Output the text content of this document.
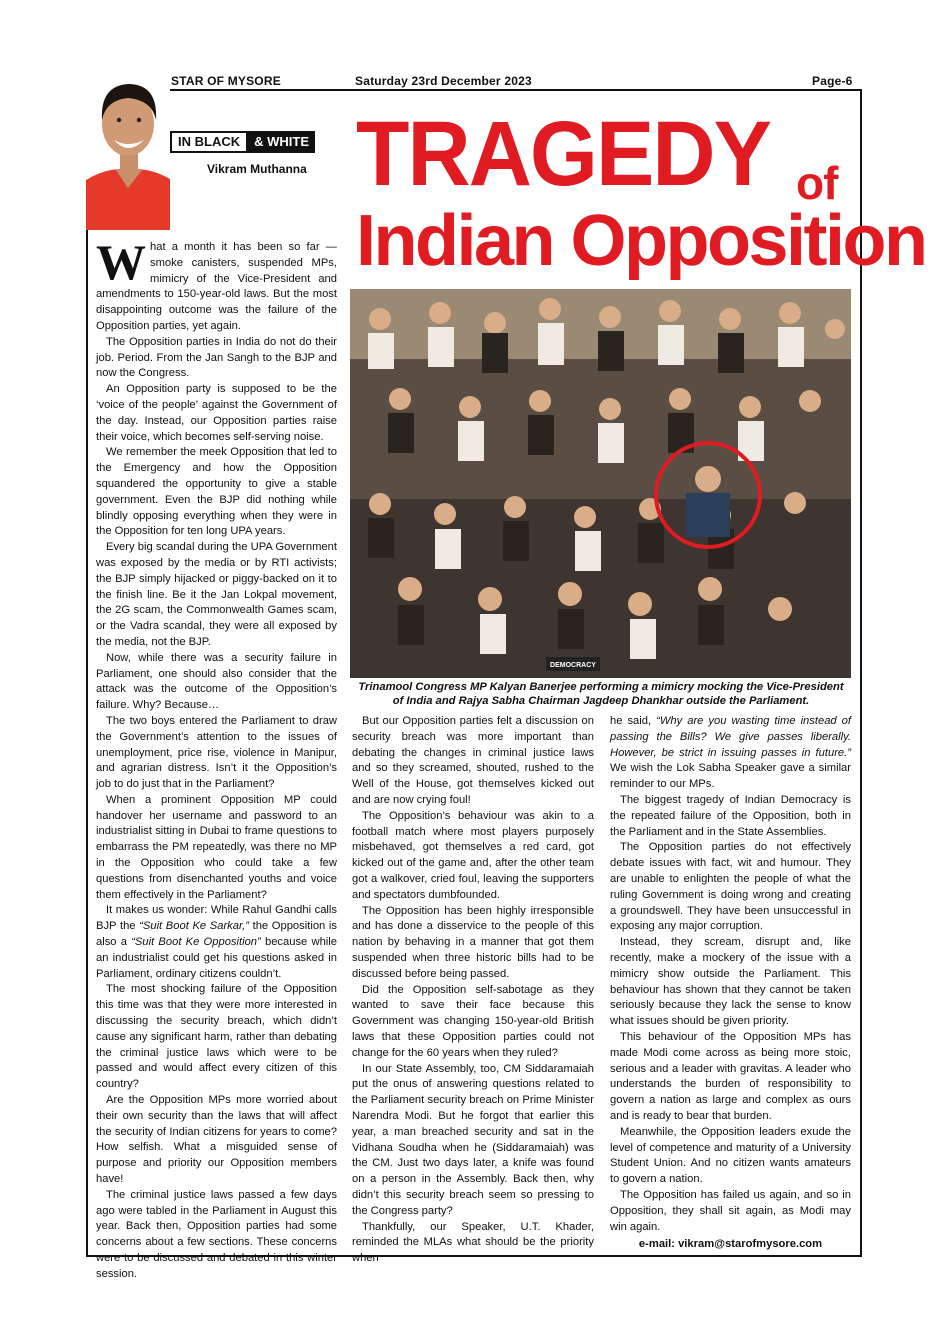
STAR OF MYSORE	Saturday 23rd December 2023	Page-6
IN BLACK	& WHITE
Vikram Muthanna TRAGEDY of
Indian Opposition
DEMOCRACY
Trinamool Congress MP Kalyan Banerjee performing a mimicry mocking the Vice-President of India and Rajya Sabha Chairman Jagdeep Dhankhar outside the Parliament.

What a month it has been so far — smoke canisters, suspended MPs, mimicry of the Vice-President and amendments to 150-year-old laws. But the most disappointing outcome was the failure of the Opposition parties, yet again.

The Opposition parties in India do not do their job. Period. From the Jan Sangh to the BJP and now the Congress.

An Opposition party is supposed to be the ‘voice of the people’ against the Government of the day. Instead, our Opposition parties raise their voice, which becomes self-serving noise.

We remember the meek Opposition that led to the Emergency and how the Opposition squandered the opportunity to give a stable government. Even the BJP did nothing while blindly opposing everything when they were in the Opposition for ten long UPA years.

Every big scandal during the UPA Government was exposed by the media or by RTI activists; the BJP simply hijacked or piggy-backed on it to the finish line. Be it the Jan Lokpal movement, the 2G scam, the Commonwealth Games scam, or the Vadra scandal, they were all exposed by the media, not the BJP.

Now, while there was a security failure in Parliament, one should also consider that the attack was the outcome of the Opposition’s failure. Why? Because…

The two boys entered the Parliament to draw the Government’s attention to the issues of unemployment, price rise, violence in Manipur, and agrarian distress. Isn’t it the Opposition’s job to do just that in the Parliament?

When a prominent Opposition MP could handover her username and password to an industrialist sitting in Dubai to frame questions to embarrass the PM repeatedly, was there no MP in the Opposition who could take a few questions from disenchanted youths and voice them effectively in the Parliament?

It makes us wonder: While Rahul Gandhi calls BJP the “Suit Boot Ke Sarkar,” the Opposition is also a “Suit Boot Ke Opposition” because while an industrialist could get his questions asked in Parliament, ordinary citizens couldn’t.

The most shocking failure of the Opposition this time was that they were more interested in discussing the security breach, which didn’t cause any significant harm, rather than debating the criminal justice laws which were to be passed and would affect every citizen of this country?

Are the Opposition MPs more worried about their own security than the laws that will affect the security of Indian citizens for years to come? How selfish. What a misguided sense of purpose and priority our Opposition members have!

The criminal justice laws passed a few days ago were tabled in the Parliament in August this year. Back then, Opposition parties had some concerns about a few sections. These concerns were to be discussed and debated in this winter session.

But our Opposition parties felt a discussion on security breach was more important than debating the changes in criminal justice laws and so they screamed, shouted, rushed to the Well of the House, got themselves kicked out and are now crying foul!

The Opposition’s behaviour was akin to a football match where most players purposely misbehaved, got themselves a red card, got kicked out of the game and, after the other team got a walkover, cried foul, leaving the supporters and spectators dumbfounded.

The Opposition has been highly irresponsible and has done a disservice to the people of this nation by behaving in a manner that got them suspended when three historic bills had to be discussed before being passed.

Did the Opposition self-sabotage as they wanted to save their face because this Government was changing 150-year-old British laws that these Opposition parties could not change for the 60 years when they ruled?

In our State Assembly, too, CM Siddaramaiah put the onus of answering questions related to the Parliament security breach on Prime Minister Narendra Modi. But he forgot that earlier this year, a man breached security and sat in the Vidhana Soudha when he (Siddaramaiah) was the CM. Just two days later, a knife was found on a person in the Assembly. Back then, why didn’t this security breach seem so pressing to the Congress party?

Thankfully, our Speaker, U.T. Khader, reminded the MLAs what should be the priority when

he said, “Why are you wasting time instead of passing the Bills? We give passes liberally. However, be strict in issuing passes in future.” We wish the Lok Sabha Speaker gave a similar reminder to our MPs.

The biggest tragedy of Indian Democracy is the repeated failure of the Opposition, both in the Parliament and in the State Assemblies.

The Opposition parties do not effectively debate issues with fact, wit and humour. They are unable to enlighten the people of what the ruling Government is doing wrong and creating a groundswell. They have been unsuccessful in exposing any major corruption.

Instead, they scream, disrupt and, like recently, make a mockery of the issue with a mimicry show outside the Parliament. This behaviour has shown that they cannot be taken seriously because they lack the sense to know what issues should be given priority.

This behaviour of the Opposition MPs has made Modi come across as being more stoic, serious and a leader with gravitas. A leader who understands the burden of responsibility to govern a nation as large and complex as ours and is ready to bear that burden.

Meanwhile, the Opposition leaders exude the level of competence and maturity of a University Student Union. And no citizen wants amateurs to govern a nation.

The Opposition has failed us again, and so in Opposition, they shall sit again, as Modi may win again.

e-mail: vikram@starofmysore.com
